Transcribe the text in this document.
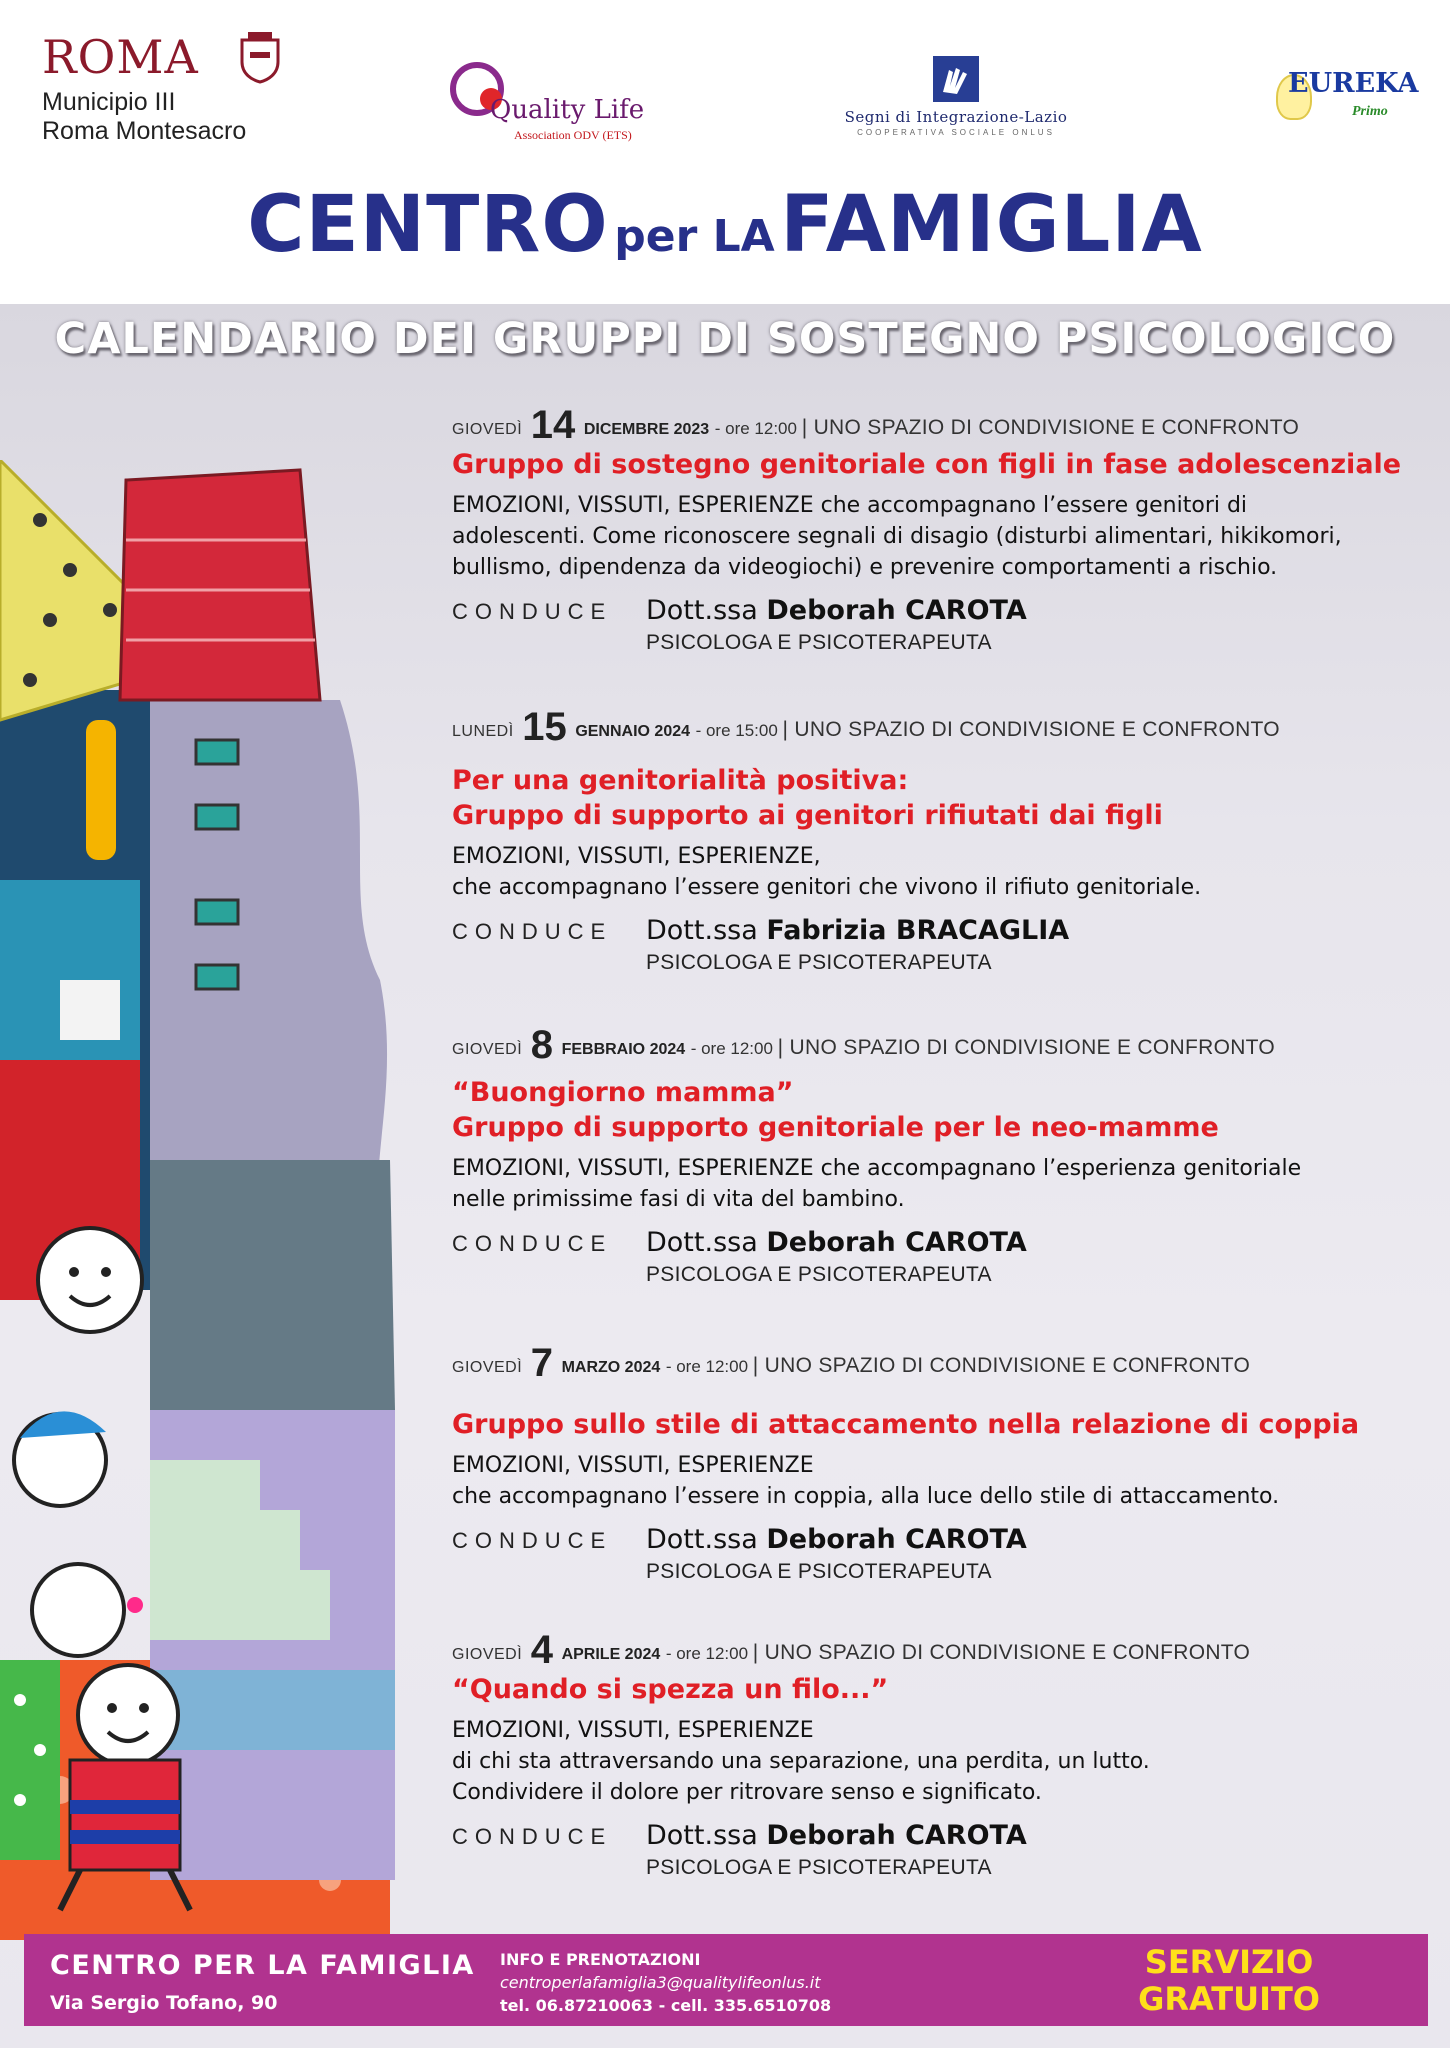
ROMA
Municipio III
Roma Montesacro
Quality Life
Association ODV (ETS)
Segni di Integrazione-Lazio
COOPERATIVA SOCIALE ONLUS
EUREKA
Primo
CENTRO per LA FAMIGLIA
CALENDARIO DEI GRUPPI DI SOSTEGNO PSICOLOGICO
GIOVEDÌ 14 DICEMBRE 2023 - ore 12:00 | UNO SPAZIO DI CONDIVISIONE E CONFRONTO
Gruppo di sostegno genitoriale con figli in fase adolescenziale
EMOZIONI, VISSUTI, ESPERIENZE che accompagnano l’essere genitori di
adolescenti. Come riconoscere segnali di disagio (disturbi alimentari, hikikomori,
bullismo, dipendenza da videogiochi) e prevenire comportamenti a rischio.
CONDUCE Dott.ssa Deborah CAROTA
PSICOLOGA E PSICOTERAPEUTA
LUNEDÌ 15 GENNAIO 2024 - ore 15:00 | UNO SPAZIO DI CONDIVISIONE E CONFRONTO
Per una genitorialità positiva:
Gruppo di supporto ai genitori rifiutati dai figli
EMOZIONI, VISSUTI, ESPERIENZE,
che accompagnano l’essere genitori che vivono il rifiuto genitoriale.
CONDUCE Dott.ssa Fabrizia BRACAGLIA
PSICOLOGA E PSICOTERAPEUTA
GIOVEDÌ 8 FEBBRAIO 2024 - ore 12:00 | UNO SPAZIO DI CONDIVISIONE E CONFRONTO
“Buongiorno mamma”
Gruppo di supporto genitoriale per le neo-mamme
EMOZIONI, VISSUTI, ESPERIENZE che accompagnano l’esperienza genitoriale
nelle primissime fasi di vita del bambino.
CONDUCE Dott.ssa Deborah CAROTA
PSICOLOGA E PSICOTERAPEUTA
GIOVEDÌ 7 MARZO 2024 - ore 12:00 | UNO SPAZIO DI CONDIVISIONE E CONFRONTO
Gruppo sullo stile di attaccamento nella relazione di coppia
EMOZIONI, VISSUTI, ESPERIENZE
che accompagnano l’essere in coppia, alla luce dello stile di attaccamento.
CONDUCE Dott.ssa Deborah CAROTA
PSICOLOGA E PSICOTERAPEUTA
GIOVEDÌ 4 APRILE 2024 - ore 12:00 | UNO SPAZIO DI CONDIVISIONE E CONFRONTO
“Quando si spezza un filo...”
EMOZIONI, VISSUTI, ESPERIENZE
di chi sta attraversando una separazione, una perdita, un lutto.
Condividere il dolore per ritrovare senso e significato.
CONDUCE Dott.ssa Deborah CAROTA
PSICOLOGA E PSICOTERAPEUTA
CENTRO PER LA FAMIGLIA
Via Sergio Tofano, 90
INFO E PRENOTAZIONI
centroperlafamiglia3@qualitylifeonlus.it
tel. 06.87210063 - cell. 335.6510708
SERVIZIO
GRATUITO
